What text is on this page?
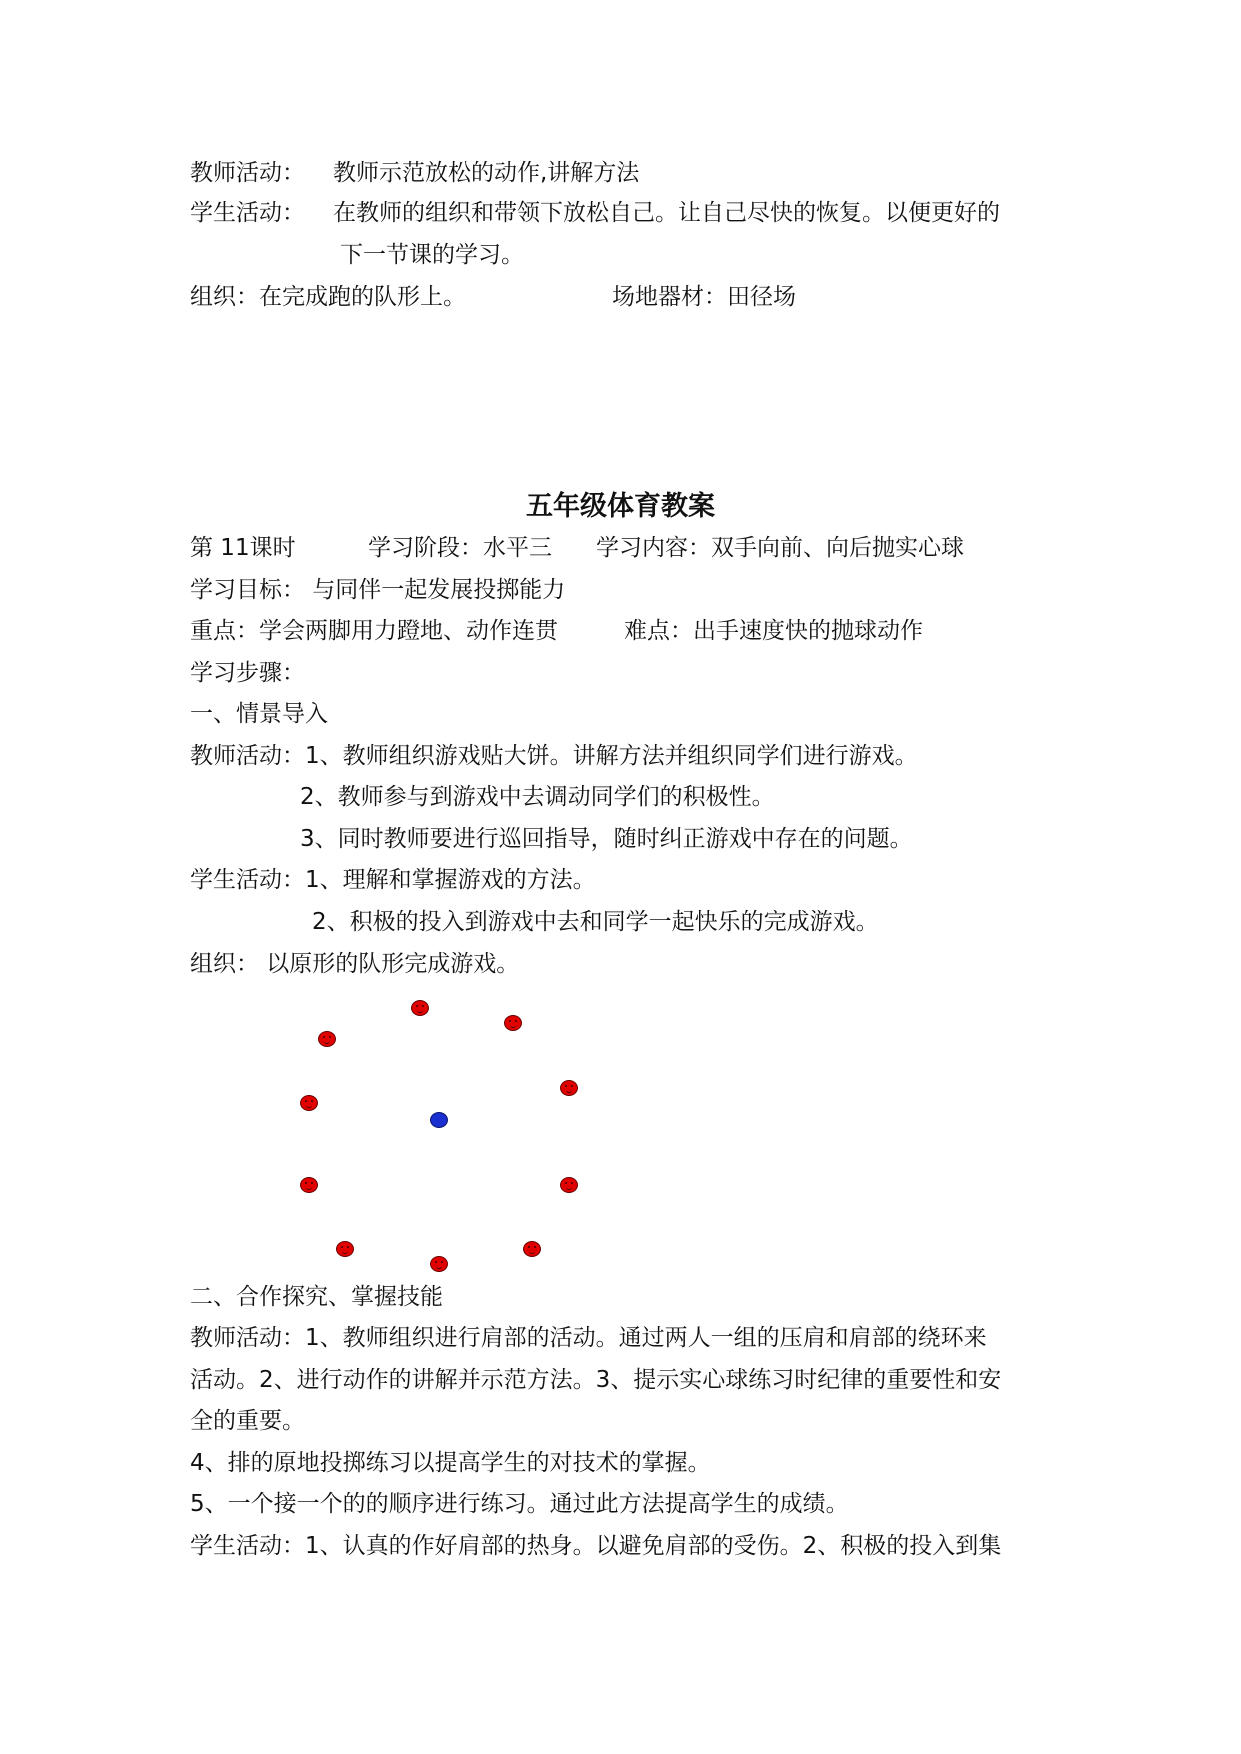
教师活动： 教师示范放松的动作,讲解方法
学生活动： 在教师的组织和带领下放松自己。让自己尽快的恢复。以便更好的
下一节课的学习。
组织：在完成跑的队形上。	场地器材：田径场
五年级体育教案
第 11课时	学习阶段：水平三 学习内容：双手向前、向后抛实心球
学习目标： 与同伴一起发展投掷能力
重点：学会两脚用力蹬地、动作连贯	难点：出手速度快的抛球动作
学习步骤：
一、情景导入
教师活动：1、教师组织游戏贴大饼。讲解方法并组织同学们进行游戏。
2、教师参与到游戏中去调动同学们的积极性。
3、同时教师要进行巡回指导，随时纠正游戏中存在的问题。
学生活动：1、理解和掌握游戏的方法。
2、积极的投入到游戏中去和同学一起快乐的完成游戏。
组织： 以原形的队形完成游戏。
二、合作探究、掌握技能
教师活动：1、教师组织进行肩部的活动。通过两人一组的压肩和肩部的绕环来
活动。2、进行动作的讲解并示范方法。3、提示实心球练习时纪律的重要性和安
全的重要。
4、排的原地投掷练习以提高学生的对技术的掌握。
5、一个接一个的的顺序进行练习。通过此方法提高学生的成绩。
学生活动：1、认真的作好肩部的热身。以避免肩部的受伤。2、积极的投入到集
